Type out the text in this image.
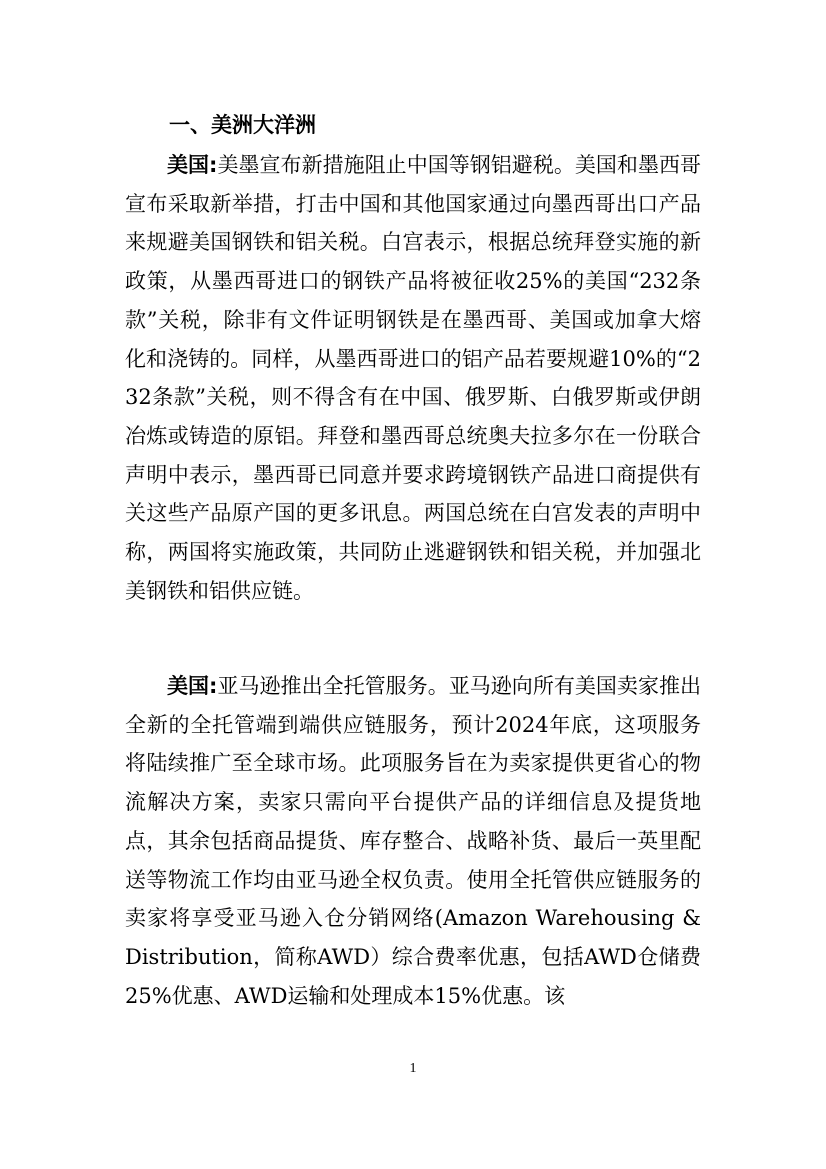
一、美洲大洋洲

美国:美墨宣布新措施阻止中国等钢铝避税。美国和墨西哥宣布采取新举措，打击中国和其他国家通过向墨西哥出口产品来规避美国钢铁和铝关税。白宫表示，根据总统拜登实施的新政策，从墨西哥进口的钢铁产品将被征收25%的美国“232条款”关税，除非有文件证明钢铁是在墨西哥、美国或加拿大熔化和浇铸的。同样，从墨西哥进口的铝产品若要规避10%的“232条款”关税，则不得含有在中国、俄罗斯、白俄罗斯或伊朗冶炼或铸造的原铝。拜登和墨西哥总统奥夫拉多尔在一份联合声明中表示，墨西哥已同意并要求跨境钢铁产品进口商提供有关这些产品原产国的更多讯息。两国总统在白宫发表的声明中称，两国将实施政策，共同防止逃避钢铁和铝关税，并加强北美钢铁和铝供应链。

美国:亚马逊推出全托管服务。亚马逊向所有美国卖家推出全新的全托管端到端供应链服务，预计2024年底，这项服务将陆续推广至全球市场。此项服务旨在为卖家提供更省心的物流解决方案，卖家只需向平台提供产品的详细信息及提货地点，其余包括商品提货、库存整合、战略补货、最后一英里配送等物流工作均由亚马逊全权负责。使用全托管供应链服务的卖家将享受亚马逊入仓分销网络(Amazon Warehousing & Distribution，简称AWD）综合费率优惠，包括AWD仓储费25%优惠、AWD运输和处理成本15%优惠。该

1
